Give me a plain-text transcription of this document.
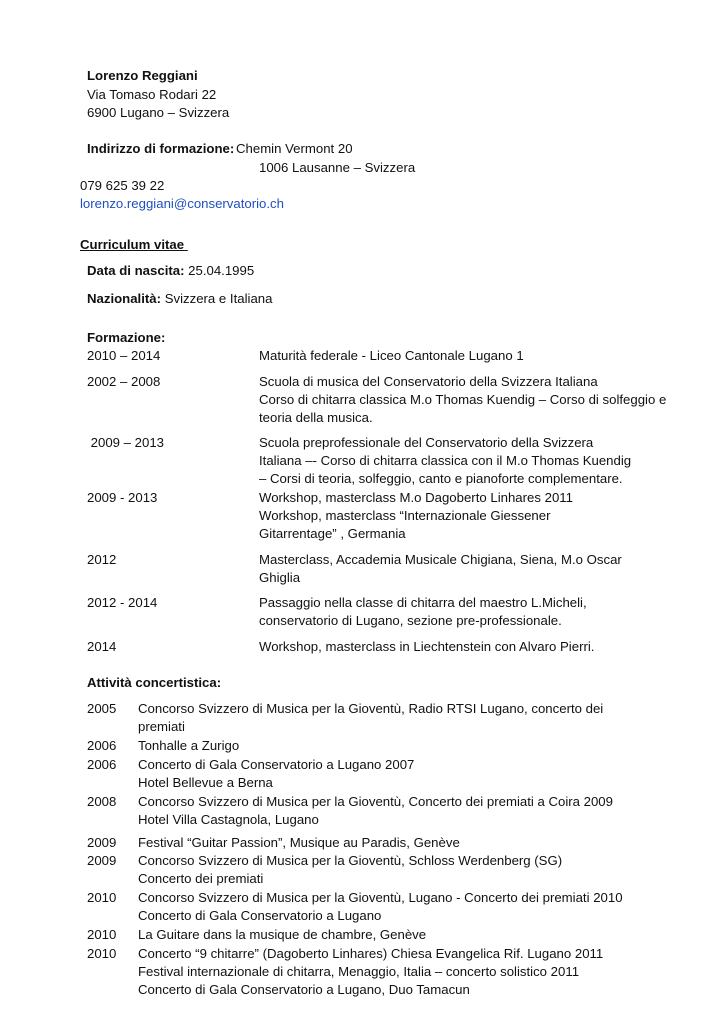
Lorenzo Reggiani
Via Tomaso Rodari 22
6900 Lugano – Svizzera
Indirizzo di formazione: Chemin Vermont 20
1006 Lausanne – Svizzera
079 625 39 22
lorenzo.reggiani@conservatorio.ch
Curriculum vitae
Data di nascita: 25.04.1995
Nazionalità: Svizzera e Italiana
Formazione:
2010 – 2014	Maturità federale - Liceo Cantonale Lugano 1
2002 – 2008	Scuola di musica del Conservatorio della Svizzera Italiana
Corso di chitarra classica M.o Thomas Kuendig – Corso di solfeggio e
teoria della musica.
2009 – 2013	Scuola preprofessionale del Conservatorio della Svizzera
Italiana –- Corso di chitarra classica con il M.o Thomas Kuendig
– Corsi di teoria, solfeggio, canto e pianoforte complementare.
2009 - 2013	Workshop, masterclass M.o Dagoberto Linhares 2011
Workshop, masterclass “Internazionale Giessener
Gitarrentage” , Germania
2012	Masterclass, Accademia Musicale Chigiana, Siena, M.o Oscar
Ghiglia
2012 - 2014	Passaggio nella classe di chitarra del maestro L.Micheli,
conservatorio di Lugano, sezione pre-professionale.
2014	Workshop, masterclass in Liechtenstein con Alvaro Pierri.
Attività concertistica:
2005 Concorso Svizzero di Musica per la Gioventù, Radio RTSI Lugano, concerto dei
premiati
2006 Tonhalle a Zurigo
2006 Concerto di Gala Conservatorio a Lugano 2007
Hotel Bellevue a Berna
2008 Concorso Svizzero di Musica per la Gioventù, Concerto dei premiati a Coira 2009
Hotel Villa Castagnola, Lugano
2009 Festival “Guitar Passion”, Musique au Paradis, Genève
2009 Concorso Svizzero di Musica per la Gioventù, Schloss Werdenberg (SG)
Concerto dei premiati
2010 Concorso Svizzero di Musica per la Gioventù, Lugano - Concerto dei premiati 2010
Concerto di Gala Conservatorio a Lugano
2010 La Guitare dans la musique de chambre, Genève
2010 Concerto “9 chitarre” (Dagoberto Linhares) Chiesa Evangelica Rif. Lugano 2011
Festival internazionale di chitarra, Menaggio, Italia – concerto solistico 2011
Concerto di Gala Conservatorio a Lugano, Duo Tamacun
